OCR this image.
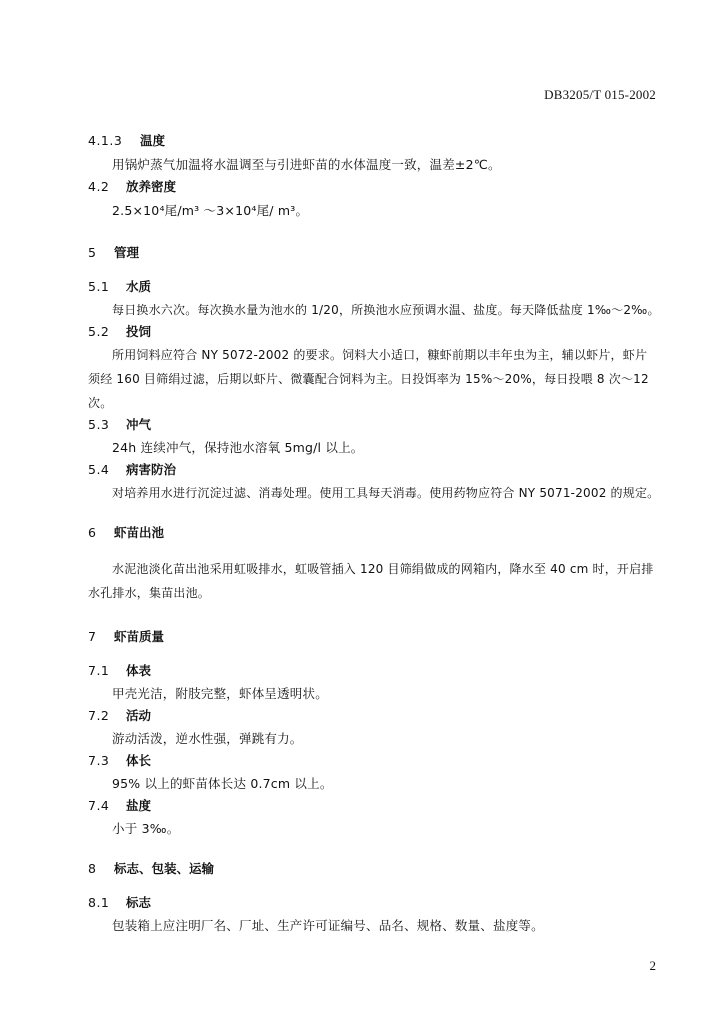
DB3205/T 015-2002

4.1.3 温度

用锅炉蒸气加温将水温调至与引进虾苗的水体温度一致，温差±2℃。

4.2 放养密度

2.5×10⁴尾/m³ ～3×10⁴尾/ m³。

5 管理

5.1 水质

每日换水六次。每次换水量为池水的 1/20，所换池水应预调水温、盐度。每天降低盐度 1‰～2‰。

5.2 投饲

所用饲料应符合 NY 5072-2002 的要求。饲料大小适口，糠虾前期以丰年虫为主，辅以虾片，虾片须经 160 目筛绢过滤，后期以虾片、微囊配合饲料为主。日投饵率为 15%～20%，每日投喂 8 次～12 次。

5.3 冲气

24h 连续冲气，保持池水溶氧 5mg/l 以上。

5.4 病害防治

对培养用水进行沉淀过滤、消毒处理。使用工具每天消毒。使用药物应符合 NY 5071-2002 的规定。

6 虾苗出池

水泥池淡化苗出池采用虹吸排水，虹吸管插入 120 目筛绢做成的网箱内，降水至 40 cm 时，开启排水孔排水，集苗出池。

7 虾苗质量

7.1 体表

甲壳光洁，附肢完整，虾体呈透明状。

7.2 活动

游动活泼，逆水性强，弹跳有力。

7.3 体长

95% 以上的虾苗体长达 0.7cm 以上。

7.4 盐度

小于 3‰。

8 标志、包装、运输

8.1 标志

包装箱上应注明厂名、厂址、生产许可证编号、品名、规格、数量、盐度等。

2
